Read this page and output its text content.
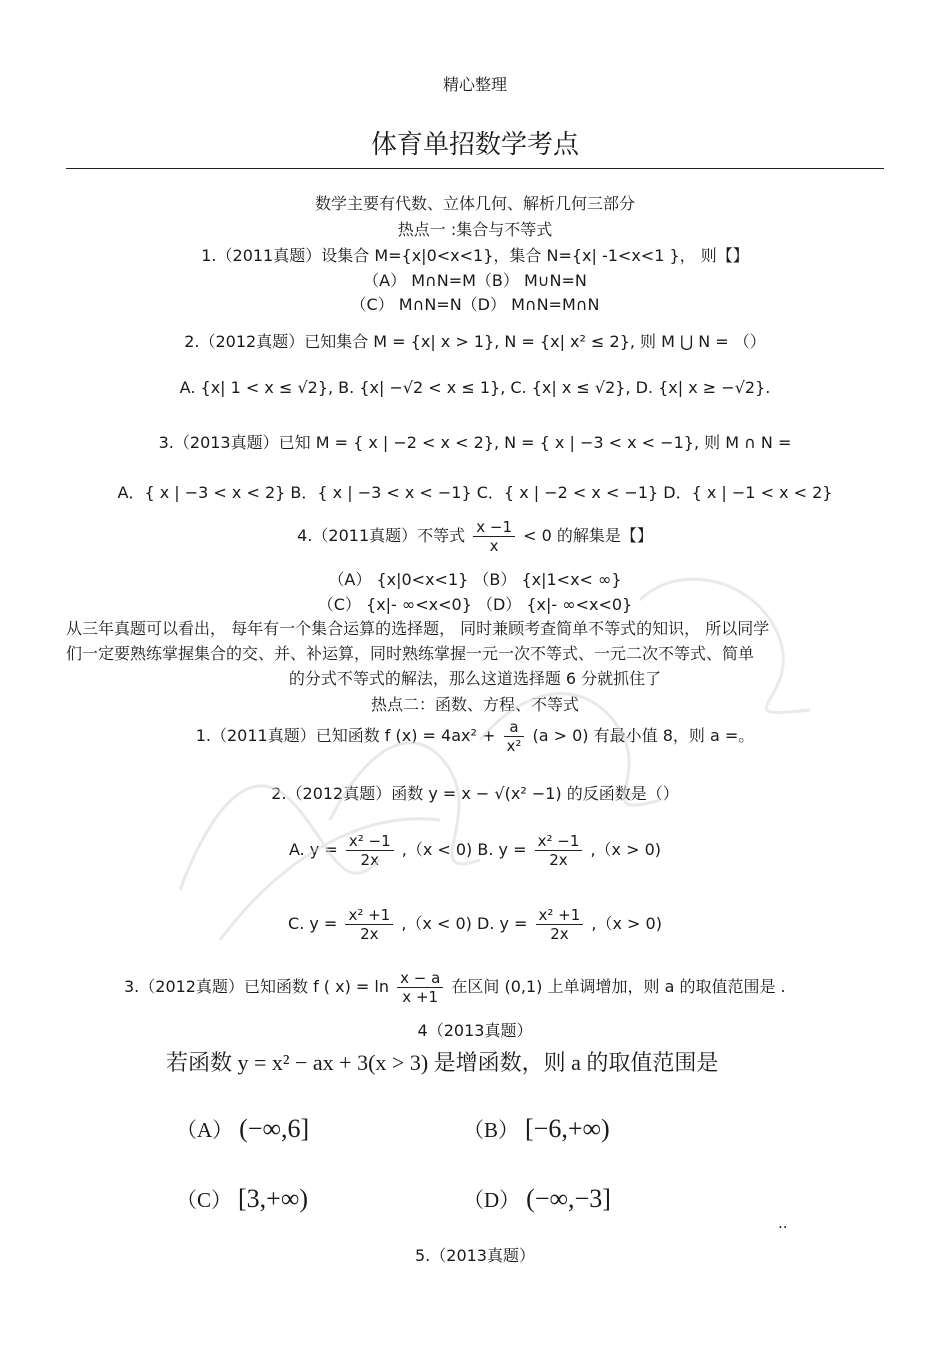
精心整理
体育单招数学考点
数学主要有代数、立体几何、解析几何三部分
热点一 :集合与不等式
1.（2011真题）设集合 M={x|0<x<1}，集合 N={x| -1<x<1 }， 则【】
（A） M∩N=M（B） M∪N=N
（C） M∩N=N（D） M∩N=M∩N
2.（2012真题）已知集合 M = {x| x > 1}, N = {x| x² ≤ 2}, 则 M ⋃ N = （）
A. {x| 1 < x ≤ √2}, B. {x| −√2 < x ≤ 1}, C. {x| x ≤ √2}, D. {x| x ≥ −√2}.
3.（2013真题）已知 M = { x | −2 < x < 2}, N = { x | −3 < x < −1}, 则 M ∩ N =
A．{ x | −3 < x < 2} B．{ x | −3 < x < −1} C．{ x | −2 < x < −1} D．{ x | −1 < x < 2}
4.（2011真题）不等式 $\frac{x -1}{x} < 0$ 的解集是【】
（A） {x|0<x<1} （B） {x|1<x< ∞}
（C） {x|- ∞<x<0} （D） {x|- ∞<x<0}
从三年真题可以看出， 每年有一个集合运算的选择题， 同时兼顾考查简单不等式的知识， 所以同学
们一定要熟练掌握集合的交、并、补运算，同时熟练掌握一元一次不等式、一元二次不等式、简单
的分式不等式的解法，那么这道选择题 6 分就抓住了
热点二：函数、方程、不等式
1.（2011真题）已知函数 f $(x) = 4ax^2 + \frac{a}{\text{x²}} (a > 0)$ 有最小值 8，则 a =。
2.（2012真题）函数 y = x − √(x² −1) 的反函数是（）
A. $y = \frac{\text{x² −1}}{2x} ,(x < 0)$ B. $y = \frac{\text{x² −1}}{2x} ,(x > 0)$
C. $y = \frac{\text{x² +1}}{2x} ,(x < 0)$ D. $y = \frac{\text{x² +1}}{2x} ,(x > 0)$
3.（2012真题）已知函数 f ( $x) = \ln \frac{x - a}{x +1}$ 在区间 (0,1) 上单调增加，则 a 的取值范围是 .
4（2013真题）
若函数 y = x² − ax + 3(x > 3) 是增函数，则 a 的取值范围是
（A） (−∞,6]	（B） [−6,+∞)
（C） [3,+∞)	（D） (−∞,−3]
..
5.（2013真题）
